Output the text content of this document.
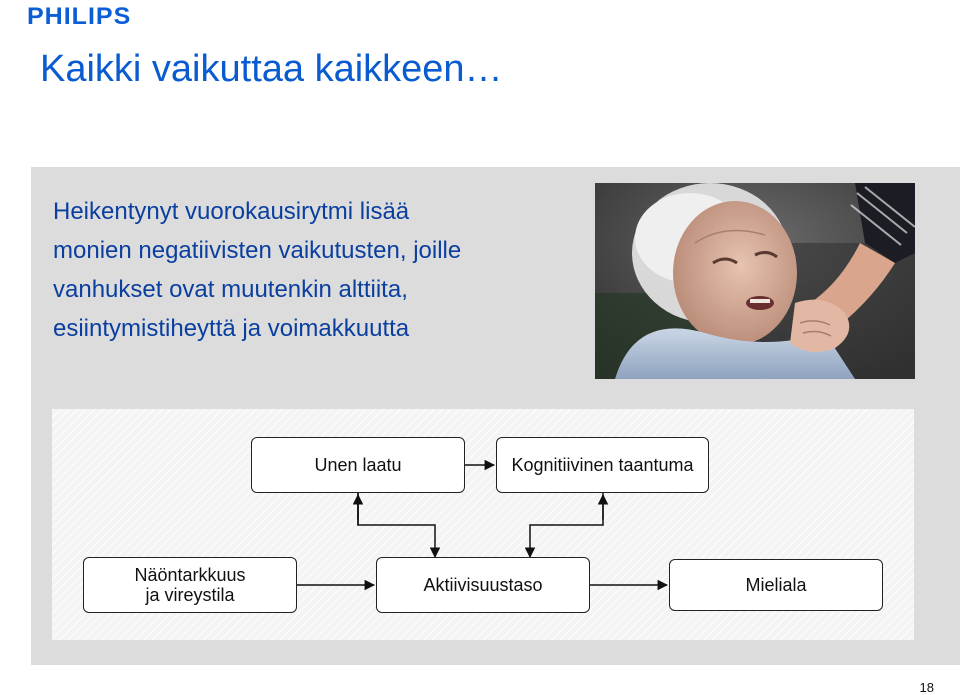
PHILIPS
Kaikki vaikuttaa kaikkeen…
Heikentynyt vuorokausirytmi lisää
monien negatiivisten vaikutusten, joille
vanhukset ovat muutenkin alttiita,
esiintymistiheyttä ja voimakkuutta
Unen laatu	Kognitiivinen taantuma
Näöntarkkuus
ja vireystila	Aktiivisuustaso	Mieliala
18
